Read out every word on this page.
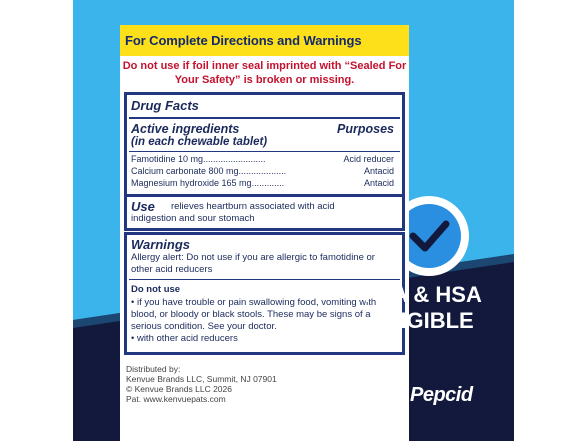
For Complete Directions and Warnings
Do not use if foil inner seal imprinted with “Sealed For Your Safety” is broken or missing.
Drug Facts
Active ingredients	Purposes
(in each chewable tablet)
Famotidine 10 mg.........................	Acid reducer
Calcium carbonate 800 mg...................	Antacid
Magnesium hydroxide 165 mg.............	Antacid
Use relieves heartburn associated with acid
indigestion and sour stomach
Warnings
Allergy alert: Do not use if you are allergic to famotidine or other acid reducers
Do not use
• if you have trouble or pain swallowing food, vomiting with blood, or bloody or black stools. These may be signs of a serious condition. See your doctor.
• with other acid reducers
Distributed by:
Kenvue Brands LLC, Summit, NJ 07901
© Kenvue Brands LLC 2026
Pat. www.kenvuepats.com
FSA & HSA
ELIGIBLE
Pepcid
